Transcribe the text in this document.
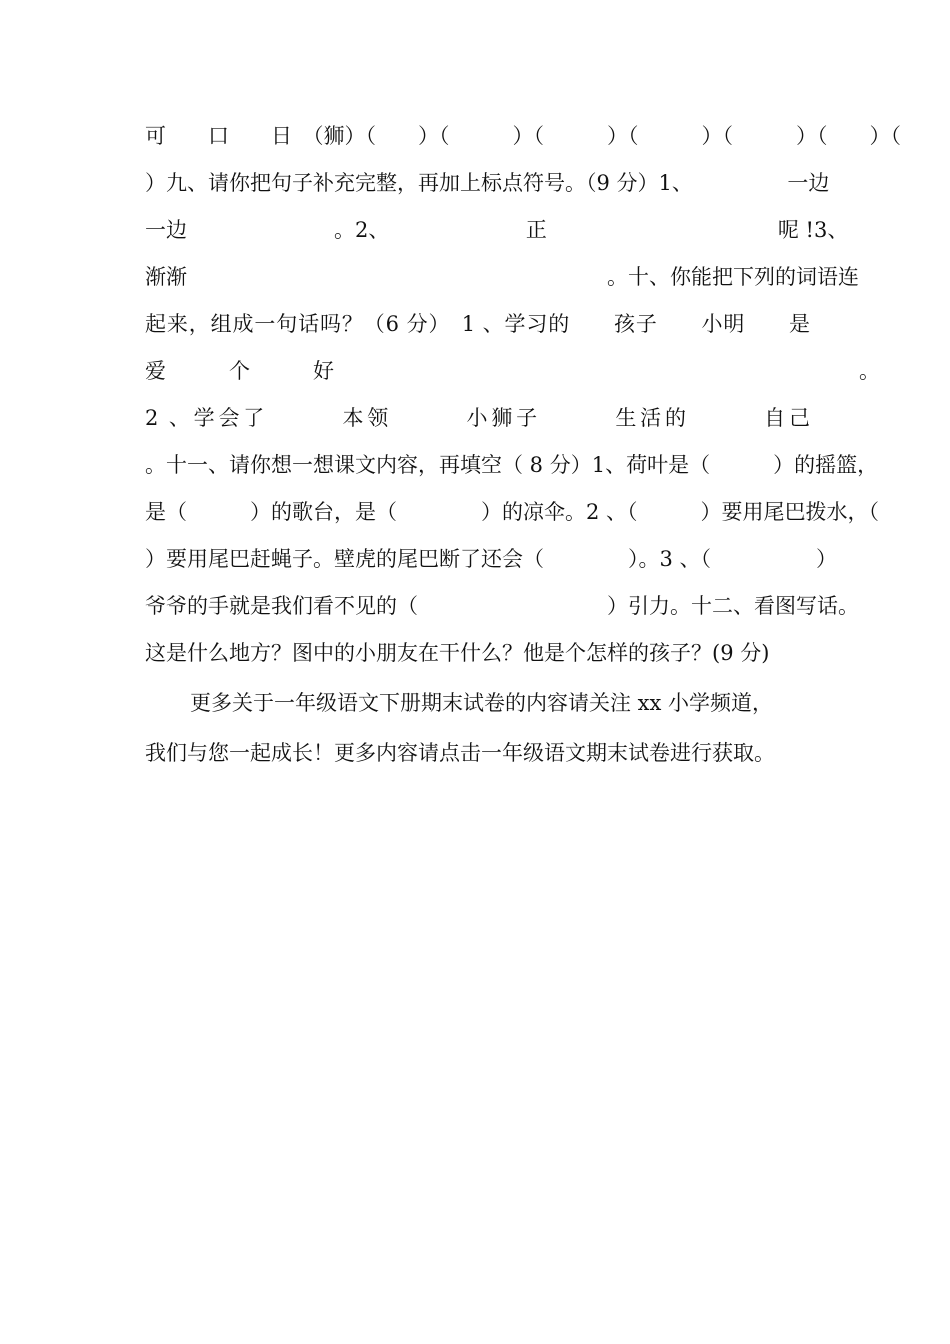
可　　口　　日　（狮）（　　）（　　　）（　　　）（　　　）（　　　）（　　）（
）九、请你把句子补充完整，再加上标点符号。（9 分）1、　　　　　一边
一边　　　　　　　。2、　　　　　　　正　　　　　　　　　　　呢 !3、
渐渐　　　　　　　　　　　　　　　　　　　　。十、你能把下列的词语连
起来，组成一句话吗？（6 分）　1 、学习的　　孩子　　小明　　是
爱　　　个　　　好　　　　　　　　　　　　　　　　　　　　　　　　　。
2 、学会了　　　本领　　　小狮子　　　生活的　　　自己
。十一、请你想一想课文内容，再填空（ 8 分）1、荷叶是（　　　）的摇篮，
是（　　　）的歌台，是（　　　　）的凉伞。2 、（　　　）要用尾巴拨水，（
）要用尾巴赶蝇子。壁虎的尾巴断了还会（　　　　）。3 、（　　　　　）
爷爷的手就是我们看不见的（　　　　　　　　　）引力。十二、看图写话。
这是什么地方？图中的小朋友在干什么？他是个怎样的孩子？(9 分)
更多关于一年级语文下册期末试卷的内容请关注 xx 小学频道，
我们与您一起成长！更多内容请点击一年级语文期末试卷进行获取。
